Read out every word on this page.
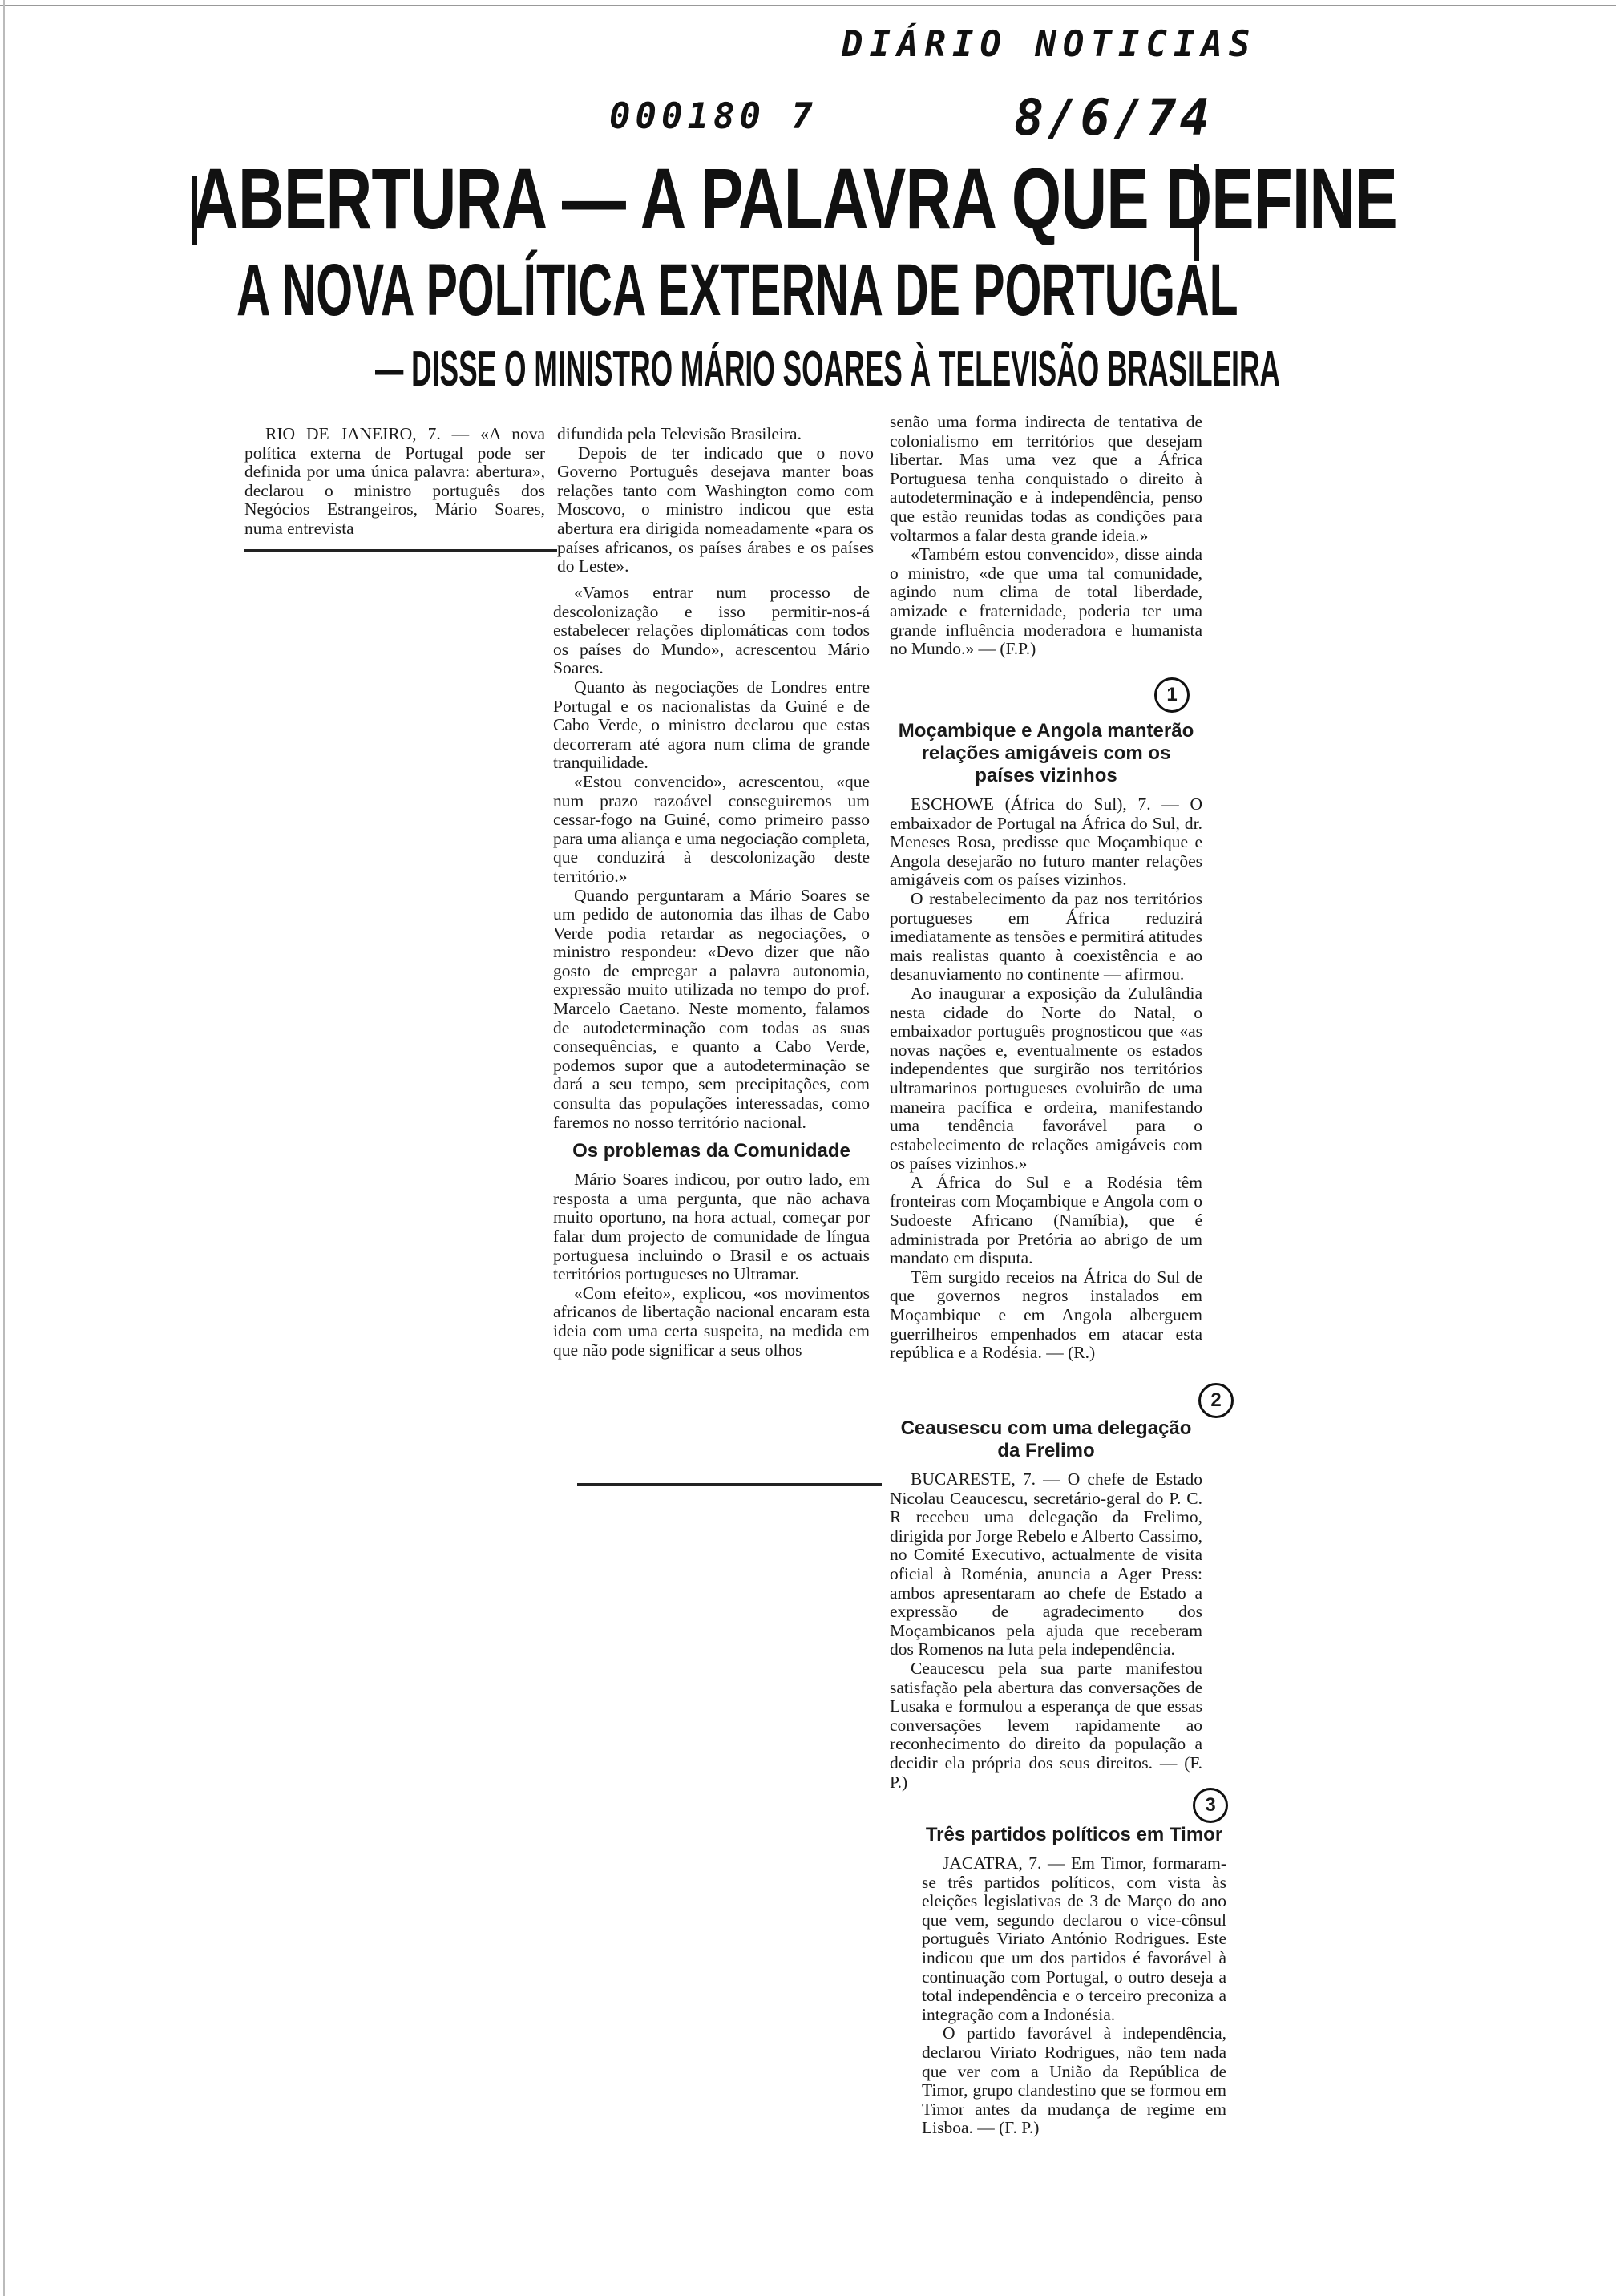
DIÁRIO NOTICIAS
000180 7	8/6/74
ABERTURA — A PALAVRA QUE DEFINE
A NOVA POLÍTICA EXTERNA DE PORTUGAL
— DISSE O MINISTRO MÁRIO SOARES À TELEVISÃO BRASILEIRA

RIO DE JANEIRO, 7. — «A nova política externa de Portugal pode ser definida por uma única palavra: abertura», declarou o ministro português dos Negócios Estrangeiros, Mário Soares, numa entrevista

difundida pela Televisão Brasileira.

Depois de ter indicado que o novo Governo Português desejava manter boas relações tanto com Washington como com Moscovo, o ministro indicou que esta abertura era dirigida nomeadamente «para os países africanos, os países árabes e os países do Leste».

«Vamos entrar num processo de descolonização e isso permitir-nos-á estabelecer relações diplomáticas com todos os países do Mundo», acrescentou Mário Soares.

Quanto às negociações de Londres entre Portugal e os nacionalistas da Guiné e de Cabo Verde, o ministro declarou que estas decorreram até agora num clima de grande tranquilidade.

«Estou convencido», acrescentou, «que num prazo razoável conseguiremos um cessar-fogo na Guiné, como primeiro passo para uma aliança e uma negociação completa, que conduzirá à descolonização deste território.»

Quando perguntaram a Mário Soares se um pedido de autonomia das ilhas de Cabo Verde podia retardar as negociações, o ministro respondeu: «Devo dizer que não gosto de empregar a palavra autonomia, expressão muito utilizada no tempo do prof. Marcelo Caetano. Neste momento, falamos de autodeterminação com todas as suas consequências, e quanto a Cabo Verde, podemos supor que a autodeterminação se dará a seu tempo, sem precipitações, com consulta das populações interessadas, como faremos no nosso território nacional.

Os problemas da Comunidade

Mário Soares indicou, por outro lado, em resposta a uma pergunta, que não achava muito oportuno, na hora actual, começar por falar dum projecto de comunidade de língua portuguesa incluindo o Brasil e os actuais territórios portugueses no Ultramar.

«Com efeito», explicou, «os movimentos africanos de libertação nacional encaram esta ideia com uma certa suspeita, na medida em que não pode significar a seus olhos

senão uma forma indirecta de tentativa de colonialismo em territórios que desejam libertar. Mas uma vez que a África Portuguesa tenha conquistado o direito à autodeterminação e à independência, penso que estão reunidas todas as condições para voltarmos a falar desta grande ideia.»

«Também estou convencido», disse ainda o ministro, «de que uma tal comunidade, agindo num clima de total liberdade, amizade e fraternidade, poderia ter uma grande influência moderadora e humanista no Mundo.» — (F.P.)

1
Moçambique e Angola manterão relações amigáveis com os países vizinhos

ESCHOWE (África do Sul), 7. — O embaixador de Portugal na África do Sul, dr. Meneses Rosa, predisse que Moçambique e Angola desejarão no futuro manter relações amigáveis com os países vizinhos.

O restabelecimento da paz nos territórios portugueses em África reduzirá imediatamente as tensões e permitirá atitudes mais realistas quanto à coexistência e ao desanuviamento no continente — afirmou.

Ao inaugurar a exposição da Zululândia nesta cidade do Norte do Natal, o embaixador português prognosticou que «as novas nações e, eventualmente os estados independentes que surgirão nos territórios ultramarinos portugueses evoluirão de uma maneira pacífica e ordeira, manifestando uma tendência favorável para o estabelecimento de relações amigáveis com os países vizinhos.»

A África do Sul e a Rodésia têm fronteiras com Moçambique e Angola com o Sudoeste Africano (Namíbia), que é administrada por Pretória ao abrigo de um mandato em disputa.

Têm surgido receios na África do Sul de que governos negros instalados em Moçambique e em Angola alberguem guerrilheiros empenhados em atacar esta república e a Rodésia. — (R.)

2
Ceausescu com uma delegação da Frelimo

BUCARESTE, 7. — O chefe de Estado Nicolau Ceaucescu, secretário-geral do P. C. R recebeu uma delegação da Frelimo, dirigida por Jorge Rebelo e Alberto Cassimo, no Comité Executivo, actualmente de visita oficial à Roménia, anuncia a Ager Press: ambos apresentaram ao chefe de Estado a expressão de agradecimento dos Moçambicanos pela ajuda que receberam dos Romenos na luta pela independência.

Ceaucescu pela sua parte manifestou satisfação pela abertura das conversações de Lusaka e formulou a esperança de que essas conversações levem rapidamente ao reconhecimento do direito da população a decidir ela própria dos seus direitos. — (F. P.)

3
Três partidos políticos em Timor

JACATRA, 7. — Em Timor, formaram-se três partidos políticos, com vista às eleições legislativas de 3 de Março do ano que vem, segundo declarou o vice-cônsul português Viriato António Rodrigues. Este indicou que um dos partidos é favorável à continuação com Portugal, o outro deseja a total independência e o terceiro preconiza a integração com a Indonésia.

O partido favorável à independência, declarou Viriato Rodrigues, não tem nada que ver com a União da República de Timor, grupo clandestino que se formou em Timor antes da mudança de regime em Lisboa. — (F. P.)
